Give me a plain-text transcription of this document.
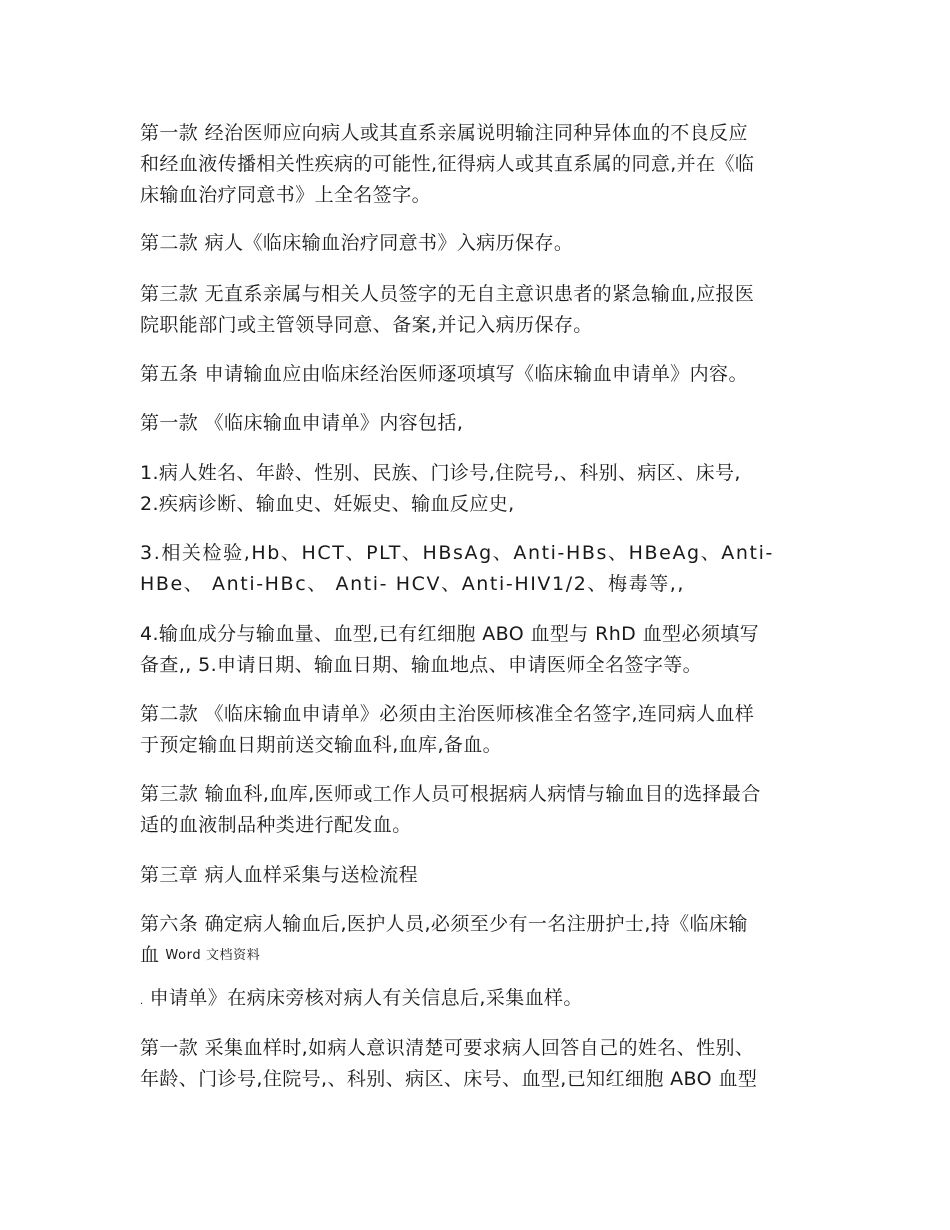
第一款 经治医师应向病人或其直系亲属说明输注同种异体血的不良反应
和经血液传播相关性疾病的可能性,征得病人或其直系属的同意,并在《临
床输血治疗同意书》上全名签字。

第二款 病人《临床输血治疗同意书》入病历保存。

第三款 无直系亲属与相关人员签字的无自主意识患者的紧急输血,应报医
院职能部门或主管领导同意、备案,并记入病历保存。

第五条 申请输血应由临床经治医师逐项填写《临床输血申请单》内容。

第一款 《临床输血申请单》内容包括,

1.病人姓名、年龄、性别、民族、门诊号,住院号,、科别、病区、床号,
2.疾病诊断、输血史、妊娠史、输血反应史,

3.相关检验,Hb、HCT、PLT、HBsAg、Anti-HBs、HBeAg、Anti-
HBe、 Anti-HBc、 Anti- HCV、Anti-HIV1/2、梅毒等,,

4.输血成分与输血量、血型,已有红细胞 ABO 血型与 RhD 血型必须填写
备查,, 5.申请日期、输血日期、输血地点、申请医师全名签字等。

第二款 《临床输血申请单》必须由主治医师核准全名签字,连同病人血样
于预定输血日期前送交输血科,血库,备血。

第三款 输血科,血库,医师或工作人员可根据病人病情与输血目的选择最合
适的血液制品种类进行配发血。

第三章 病人血样采集与送检流程

第六条 确定病人输血后,医护人员,必须至少有一名注册护士,持《临床输
血 Word 文档资料

. 申请单》在病床旁核对病人有关信息后,采集血样。

第一款 采集血样时,如病人意识清楚可要求病人回答自己的姓名、性别、
年龄、门诊号,住院号,、科别、病区、床号、血型,已知红细胞 ABO 血型
